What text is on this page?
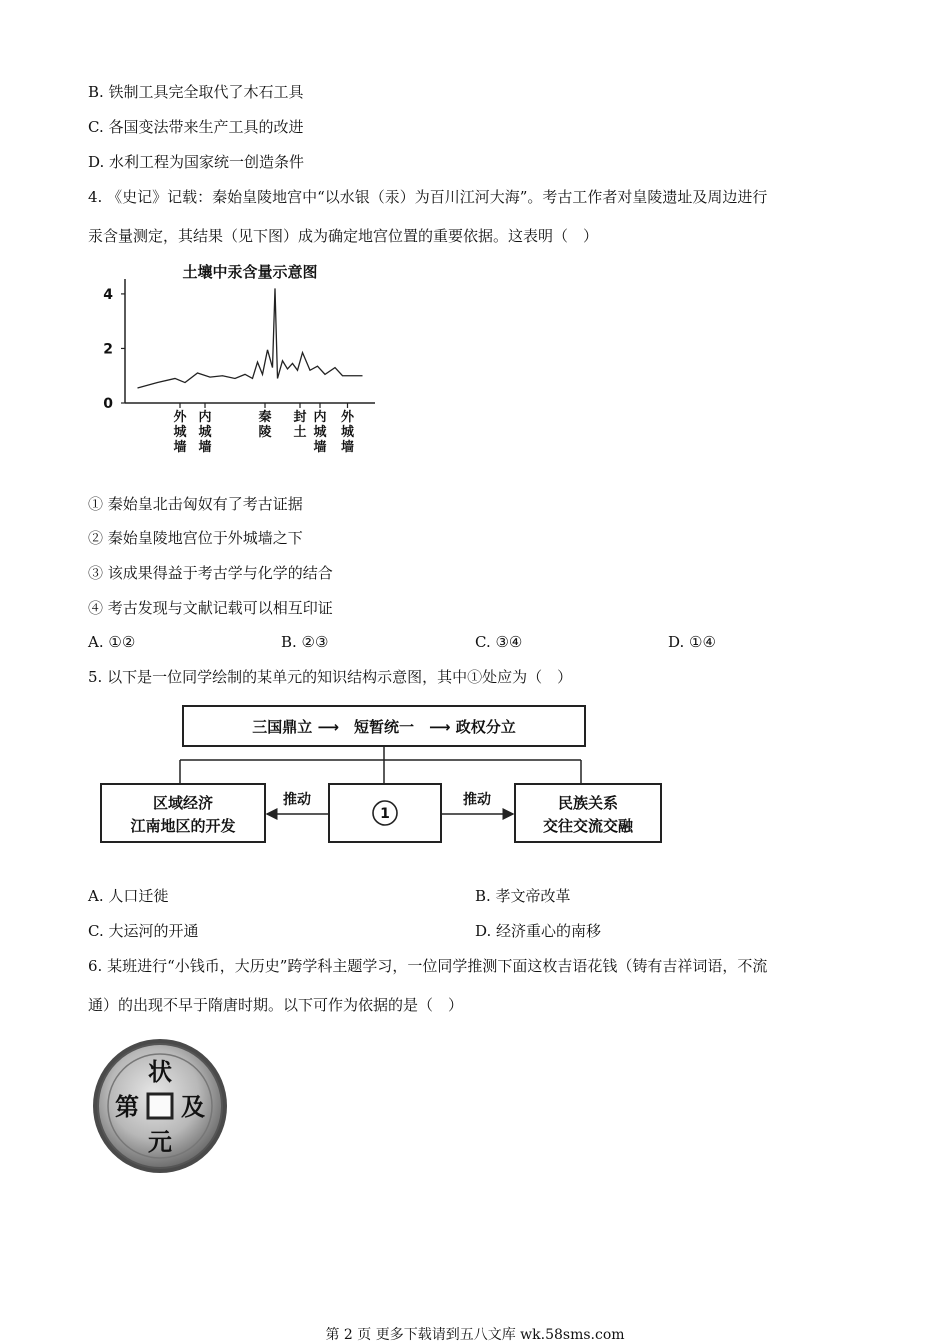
B. 铁制工具完全取代了木石工具
C. 各国变法带来生产工具的改进
D. 水利工程为国家统一创造条件
4. 《史记》记载：秦始皇陵地宫中“以水银（汞）为百川江河大海”。考古工作者对皇陵遗址及周边进行
汞含量测定，其结果（见下图）成为确定地宫位置的重要依据。这表明（　）
土壤中汞含量示意图
0
2
4
外城墙
内城墙
秦陵
封土
内城墙
外城墙
① 秦始皇北击匈奴有了考古证据
② 秦始皇陵地宫位于外城墙之下
③ 该成果得益于考古学与化学的结合
④ 考古发现与文献记载可以相互印证
A. ①②	B. ②③	C. ③④	D. ①④
5. 以下是一位同学绘制的某单元的知识结构示意图，其中①处应为（　）
三国鼎立 ⟶　短暂统一　⟶ 政权分立
区域经济
江南地区的开发
1
民族关系
交往交流交融
推动	推动
A. 人口迁徙	B. 孝文帝改革
C. 大运河的开通	D. 经济重心的南移
6. 某班进行“小钱币，大历史”跨学科主题学习，一位同学推测下面这枚吉语花钱（铸有吉祥词语，不流
通）的出现不早于隋唐时期。以下可作为依据的是（　）
状
及
元
第
第 2 页 更多下载请到五八文库 wk.58sms.com
